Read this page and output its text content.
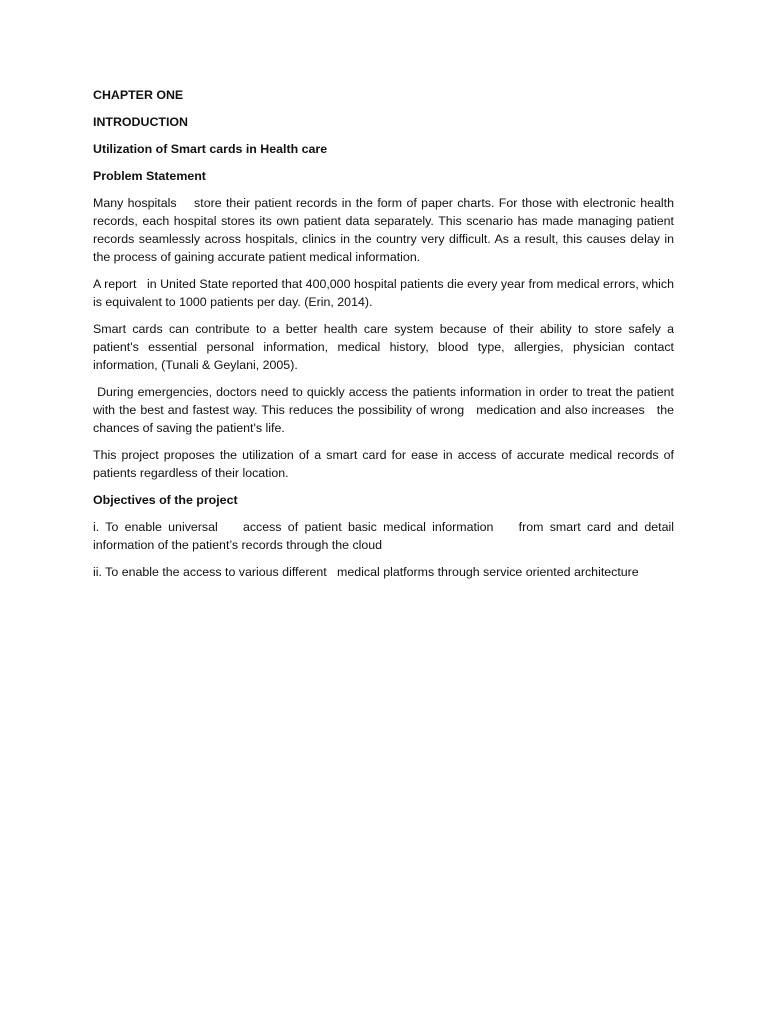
CHAPTER ONE
INTRODUCTION
Utilization of Smart cards in Health care
Problem Statement
Many hospitals    store their patient records in the form of paper charts. For those with electronic health records, each hospital stores its own patient data separately. This scenario has made managing patient records seamlessly across hospitals, clinics in the country very difficult. As a result, this causes delay in the process of gaining accurate patient medical information.
A report   in United State reported that 400,000 hospital patients die every year from medical errors, which is equivalent to 1000 patients per day. (Erin, 2014).
Smart cards can contribute to a better health care system because of their ability to store safely a patient's essential personal information, medical history, blood type, allergies, physician contact information, (Tunali & Geylani, 2005).
During emergencies, doctors need to quickly access the patients information in order to treat the patient with the best and fastest way. This reduces the possibility of wrong   medication and also increases   the chances of saving the patient's life.
This project proposes the utilization of a smart card for ease in access of accurate medical records of patients regardless of their location.
Objectives of the project
i. To enable universal    access of patient basic medical information    from smart card and detail information of the patient’s records through the cloud
ii. To enable the access to various different   medical platforms through service oriented architecture
